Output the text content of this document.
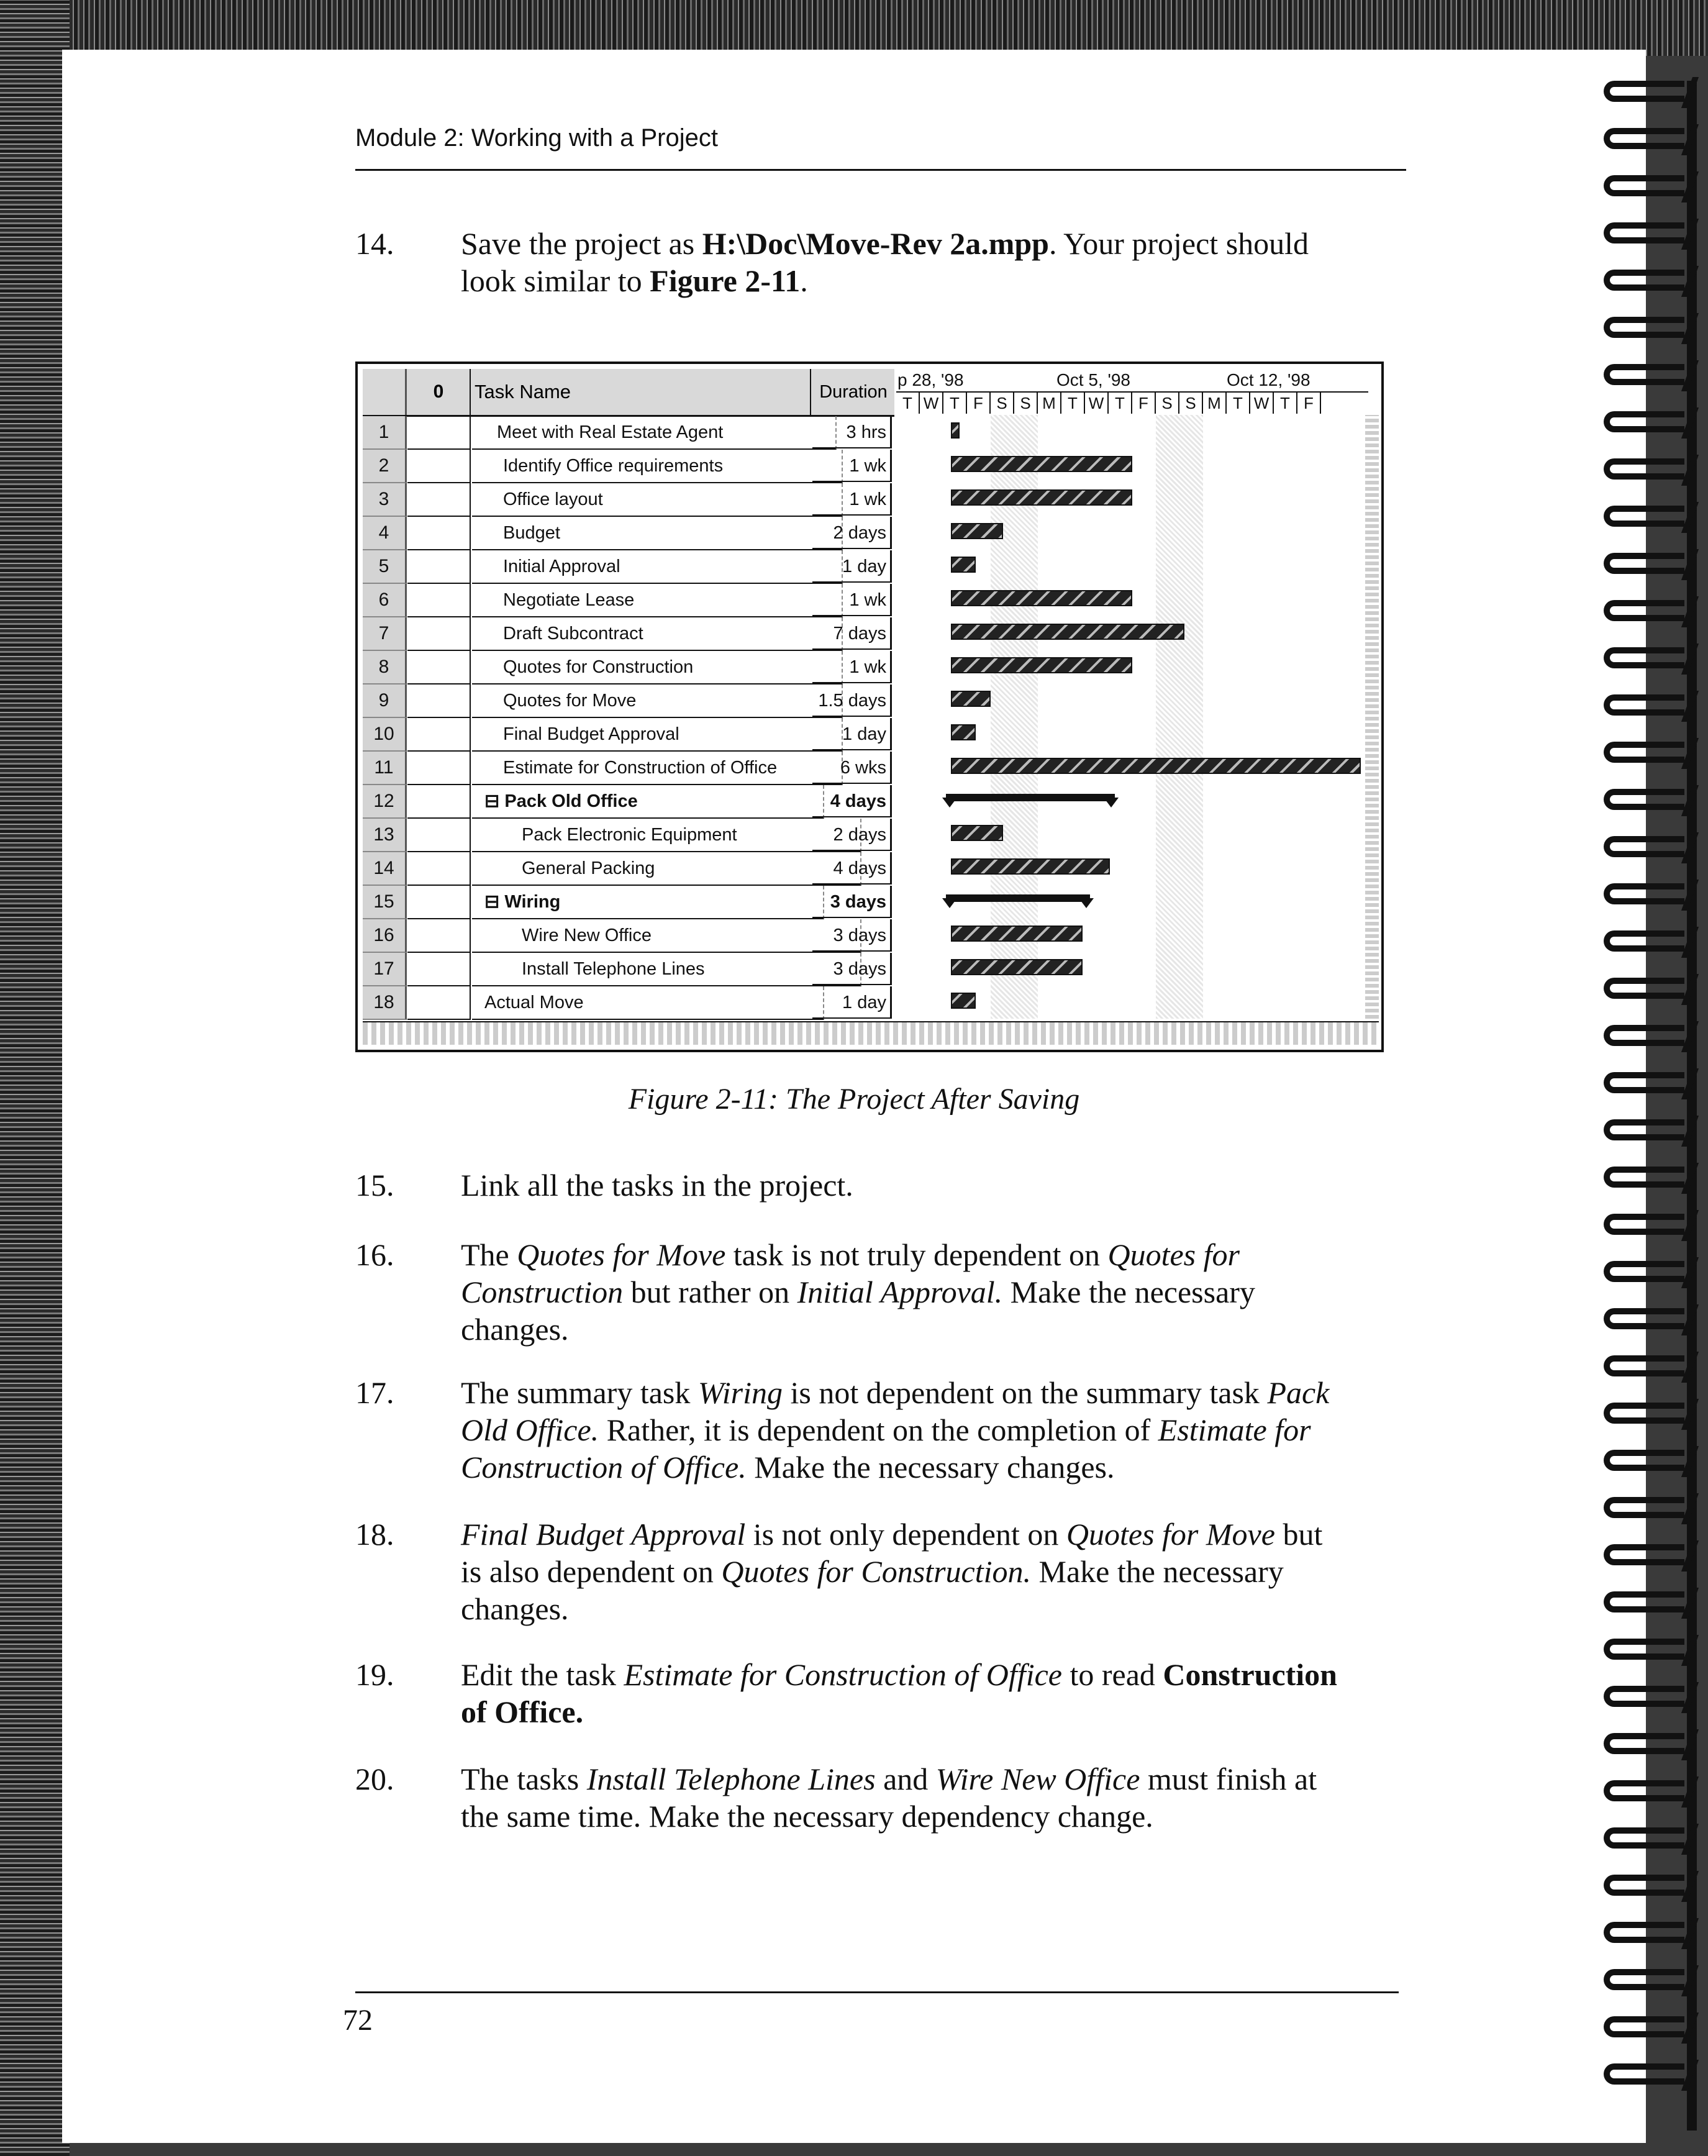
Module 2: Working with a Project
14. Save the project as H:\Doc\Move-Rev 2a.mpp. Your project should
look similar to Figure 2-11.
0	Task Name	Duration
p 28, '98	Oct 5, '98	Oct 12, '98
T W T F S S M T W T F S S M T W T F
1	Meet with Real Estate Agent	3 hrs
2	Identify Office requirements	1 wk
3	Office layout	1 wk
4	Budget	2 days
5	Initial Approval	1 day
6	Negotiate Lease	1 wk
7	Draft Subcontract	7 days
8	Quotes for Construction	1 wk
9	Quotes for Move	1.5 days
10	Final Budget Approval	1 day
11	Estimate for Construction of Office	6 wks
12	⊟ Pack Old Office	4 days
13	Pack Electronic Equipment	2 days
14	General Packing	4 days
15	⊟ Wiring	3 days
16	Wire New Office	3 days
17	Install Telephone Lines	3 days
18	Actual Move	1 day
Figure 2-11: The Project After Saving
15. Link all the tasks in the project.
16. The Quotes for Move task is not truly dependent on Quotes for
Construction but rather on Initial Approval. Make the necessary
changes.
17. The summary task Wiring is not dependent on the summary task Pack
Old Office. Rather, it is dependent on the completion of Estimate for
Construction of Office. Make the necessary changes.
18. Final Budget Approval is not only dependent on Quotes for Move but
is also dependent on Quotes for Construction. Make the necessary
changes.
19. Edit the task Estimate for Construction of Office to read Construction
of Office.
20. The tasks Install Telephone Lines and Wire New Office must finish at
the same time. Make the necessary dependency change.
72
